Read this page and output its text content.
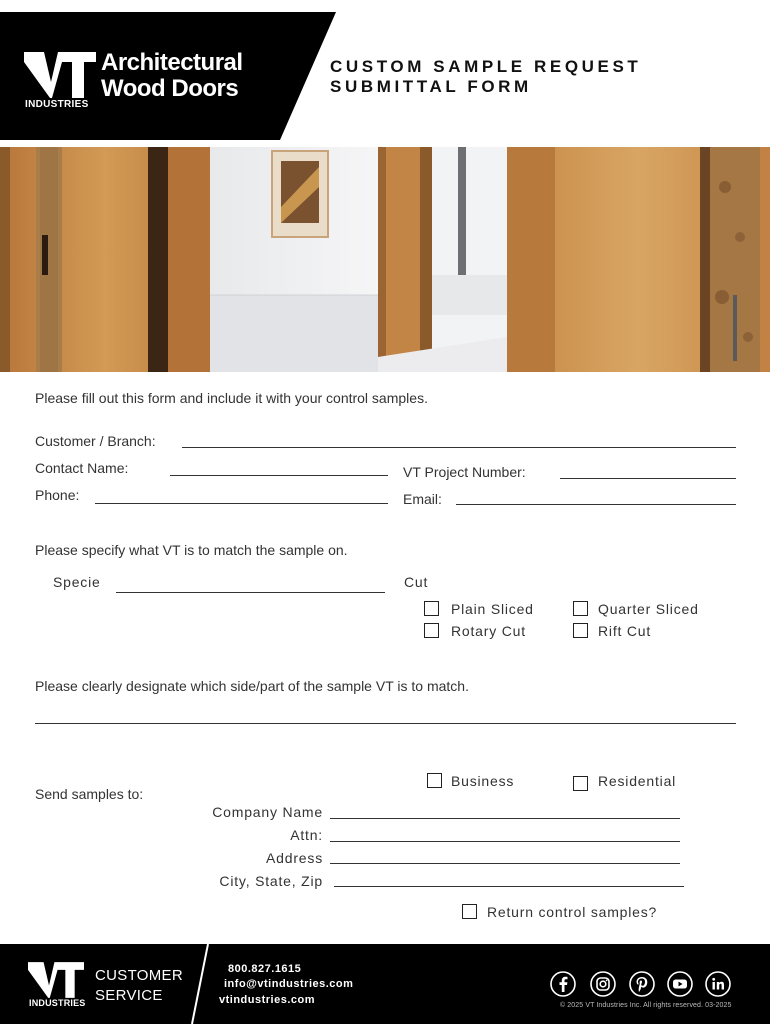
Architectural
Wood Doors
INDUSTRIES
CUSTOM SAMPLE REQUEST
SUBMITTAL FORM
Please fill out this form and include it with your control samples.
Customer / Branch:
Contact Name:	VT Project Number:
Phone:	Email:
Please specify what VT is to match the sample on.
Specie	Cut
Plain Sliced	Quarter Sliced
Rotary Cut	Rift Cut
Please clearly designate which side/part of the sample VT is to match.
Business	Residential
Send samples to:
Company Name
Attn:
Address
City, State, Zip
Return control samples?
INDUSTRIES
CUSTOMER
SERVICE
800.827.1615
info@vtindustries.com
vtindustries.com	© 2025 VT Industries Inc. All rights reserved. 03-2025
